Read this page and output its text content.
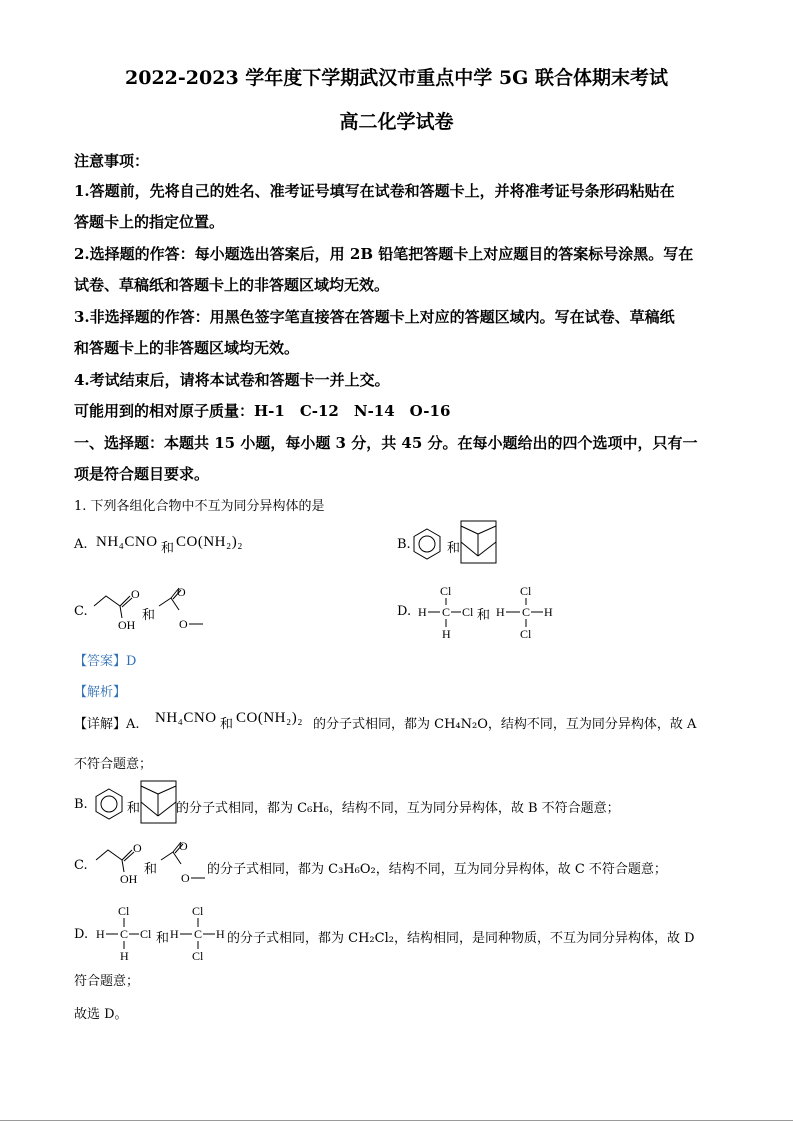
2022-2023 学年度下学期武汉市重点中学 5G 联合体期末考试
高二化学试卷
注意事项：
1.答题前，先将自己的姓名、准考证号填写在试卷和答题卡上，并将准考证号条形码粘贴在
答题卡上的指定位置。
2.选择题的作答：每小题选出答案后，用 2B 铅笔把答题卡上对应题目的答案标号涂黑。写在
试卷、草稿纸和答题卡上的非答题区域均无效。
3.非选择题的作答：用黑色签字笔直接答在答题卡上对应的答题区域内。写在试卷、草稿纸
和答题卡上的非答题区域均无效。
4.考试结束后，请将本试卷和答题卡一并上交。
可能用到的相对原子质量：H-1　C-12　N-14　O-16
一、选择题：本题共 15 小题，每小题 3 分，共 45 分。在每小题给出的四个选项中，只有一
项是符合题目要求。
1. 下列各组化合物中不互为同分异构体的是
A. NH₄CNO 和 CO(NH₂)₂	B.	和
C.
O
OH
和
O
O
D.
Cl
H C Cl
H
和
Cl
H C H
Cl
【答案】D
【解析】
【详解】A. NH₄CNO 和 CO(NH₂)₂ 的分子式相同，都为 CH₄N₂O，结构不同，互为同分异构体，故 A
不符合题意；
B.	和	的分子式相同，都为 C₆H₆，结构不同，互为同分异构体，故 B 不符合题意；
C.
O
OH
和
O
O
的分子式相同，都为 C₃H₆O₂，结构不同，互为同分异构体，故 C 不符合题意；
D.
Cl
H C Cl
H
和
Cl
H C H
Cl
的分子式相同，都为 CH₂Cl₂，结构相同，是同种物质，不互为同分异构体，故 D
符合题意；
故选 D。
